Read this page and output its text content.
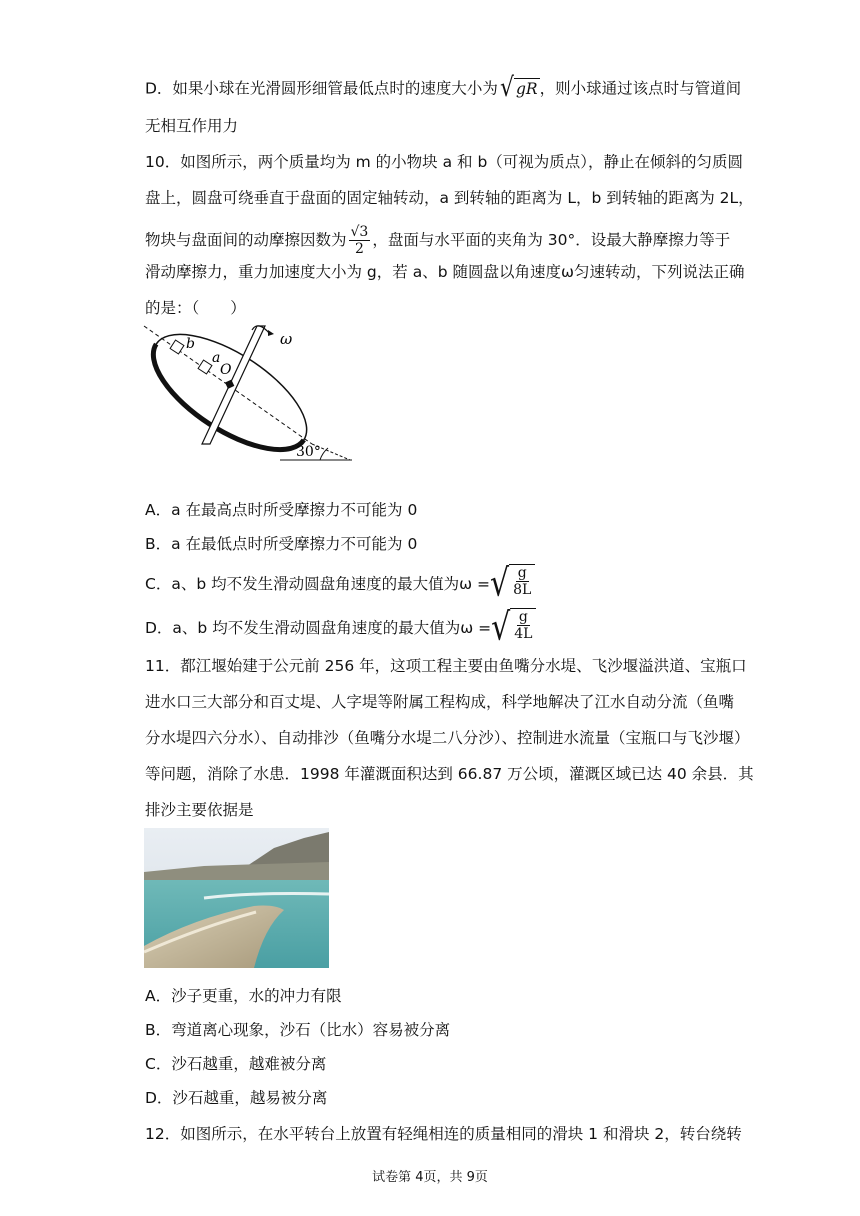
D．如果小球在光滑圆形细管最低点时的速度大小为 √ gR ，则小球通过该点时与管道间
无相互作用力
10．如图所示，两个质量均为 m 的小物块 a 和 b（可视为质点），静止在倾斜的匀质圆
盘上，圆盘可绕垂直于盘面的固定轴转动，a 到转轴的距离为 L，b 到转轴的距离为 2L，
物块与盘面间的动摩擦因数为 $\frac{√3}{2}$ ，盘面与水平面的夹角为 30°．设最大静摩擦力等于
滑动摩擦力，重力加速度大小为 g，若 a、b 随圆盘以角速度ω匀速转动，下列说法正确
的是：（　　）
ω
b
a
O
30°
A．a 在最高点时所受摩擦力不可能为 0
B．a 在最低点时所受摩擦力不可能为 0
C．a、b 均不发生滑动圆盘角速度的最大值为ω = √ $\frac{g}{8L}$
D．a、b 均不发生滑动圆盘角速度的最大值为ω = √ $\frac{g}{4L}$
11．都江堰始建于公元前 256 年，这项工程主要由鱼嘴分水堤、飞沙堰溢洪道、宝瓶口
进水口三大部分和百丈堤、人字堤等附属工程构成，科学地解决了江水自动分流（鱼嘴
分水堤四六分水）、自动排沙（鱼嘴分水堤二八分沙）、控制进水流量（宝瓶口与飞沙堰）
等问题，消除了水患．1998 年灌溉面积达到 66.87 万公顷，灌溉区域已达 40 余县．其
排沙主要依据是
A．沙子更重，水的冲力有限
B．弯道离心现象，沙石（比水）容易被分离
C．沙石越重，越难被分离
D．沙石越重，越易被分离
12．如图所示，在水平转台上放置有轻绳相连的质量相同的滑块 1 和滑块 2，转台绕转
试卷第 4页，共 9页
